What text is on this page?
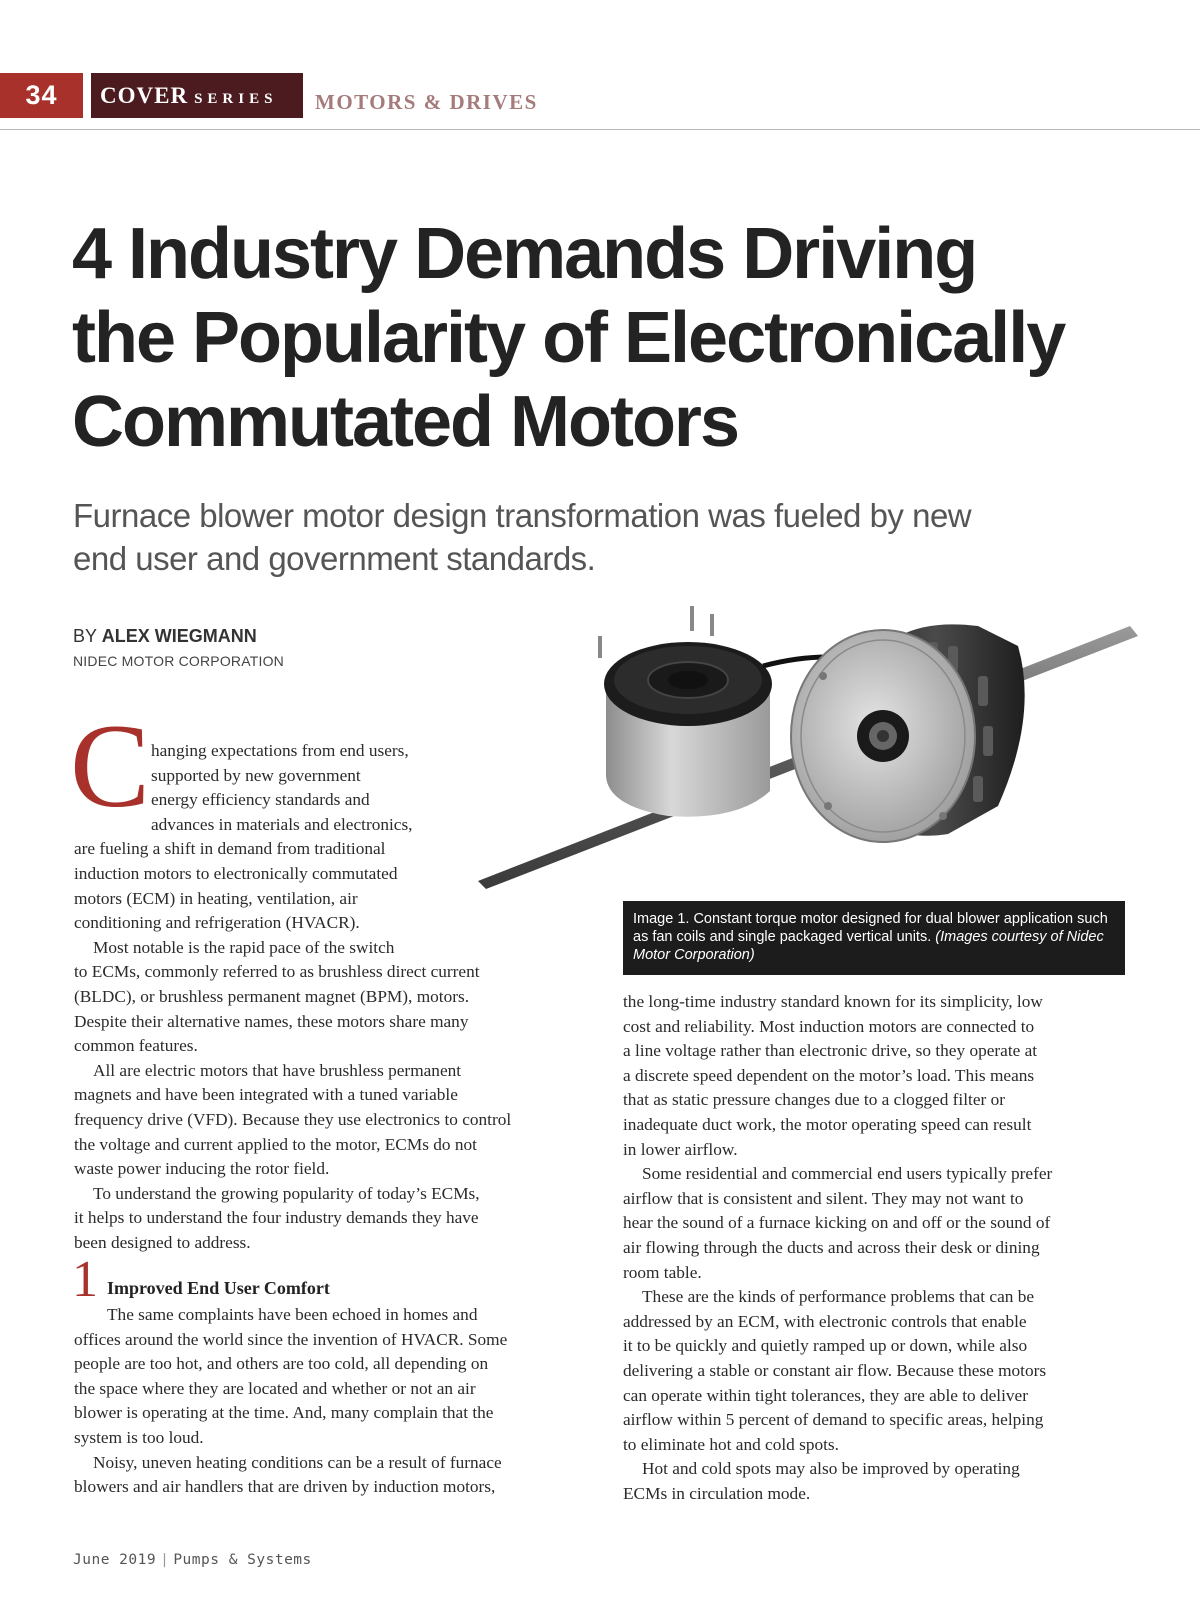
34	COVER SERIES	MOTORS & DRIVES
4 Industry Demands Driving
the Popularity of Electronically
Commutated Motors
Furnace blower motor design transformation was fueled by new
end user and government standards.
BY ALEX WIEGMANN
NIDEC MOTOR CORPORATION
Image 1. Constant torque motor designed for dual blower application such as fan coils and single packaged vertical units. (Images courtesy of Nidec Motor Corporation)
C hanging expectations from end users,
supported by new government
energy efficiency standards and
advances in materials and electronics,
are fueling a shift in demand from traditional
induction motors to electronically commutated
motors (ECM) in heating, ventilation, air
conditioning and refrigeration (HVACR).
Most notable is the rapid pace of the switch
to ECMs, commonly referred to as brushless direct current
(BLDC), or brushless permanent magnet (BPM), motors.
Despite their alternative names, these motors share many
common features.
All are electric motors that have brushless permanent
magnets and have been integrated with a tuned variable
frequency drive (VFD). Because they use electronics to control
the voltage and current applied to the motor, ECMs do not
waste power inducing the rotor field.
To understand the growing popularity of today’s ECMs,
it helps to understand the four industry demands they have
been designed to address.
1 Improved End User Comfort
The same complaints have been echoed in homes and
offices around the world since the invention of HVACR. Some
people are too hot, and others are too cold, all depending on
the space where they are located and whether or not an air
blower is operating at the time. And, many complain that the
system is too loud.
Noisy, uneven heating conditions can be a result of furnace
blowers and air handlers that are driven by induction motors,
the long-time industry standard known for its simplicity, low
cost and reliability. Most induction motors are connected to
a line voltage rather than electronic drive, so they operate at
a discrete speed dependent on the motor’s load. This means
that as static pressure changes due to a clogged filter or
inadequate duct work, the motor operating speed can result
in lower airflow.
Some residential and commercial end users typically prefer
airflow that is consistent and silent. They may not want to
hear the sound of a furnace kicking on and off or the sound of
air flowing through the ducts and across their desk or dining
room table.
These are the kinds of performance problems that can be
addressed by an ECM, with electronic controls that enable
it to be quickly and quietly ramped up or down, while also
delivering a stable or constant air flow. Because these motors
can operate within tight tolerances, they are able to deliver
airflow within 5 percent of demand to specific areas, helping
to eliminate hot and cold spots.
Hot and cold spots may also be improved by operating
ECMs in circulation mode.
June 2019 | Pumps & Systems
